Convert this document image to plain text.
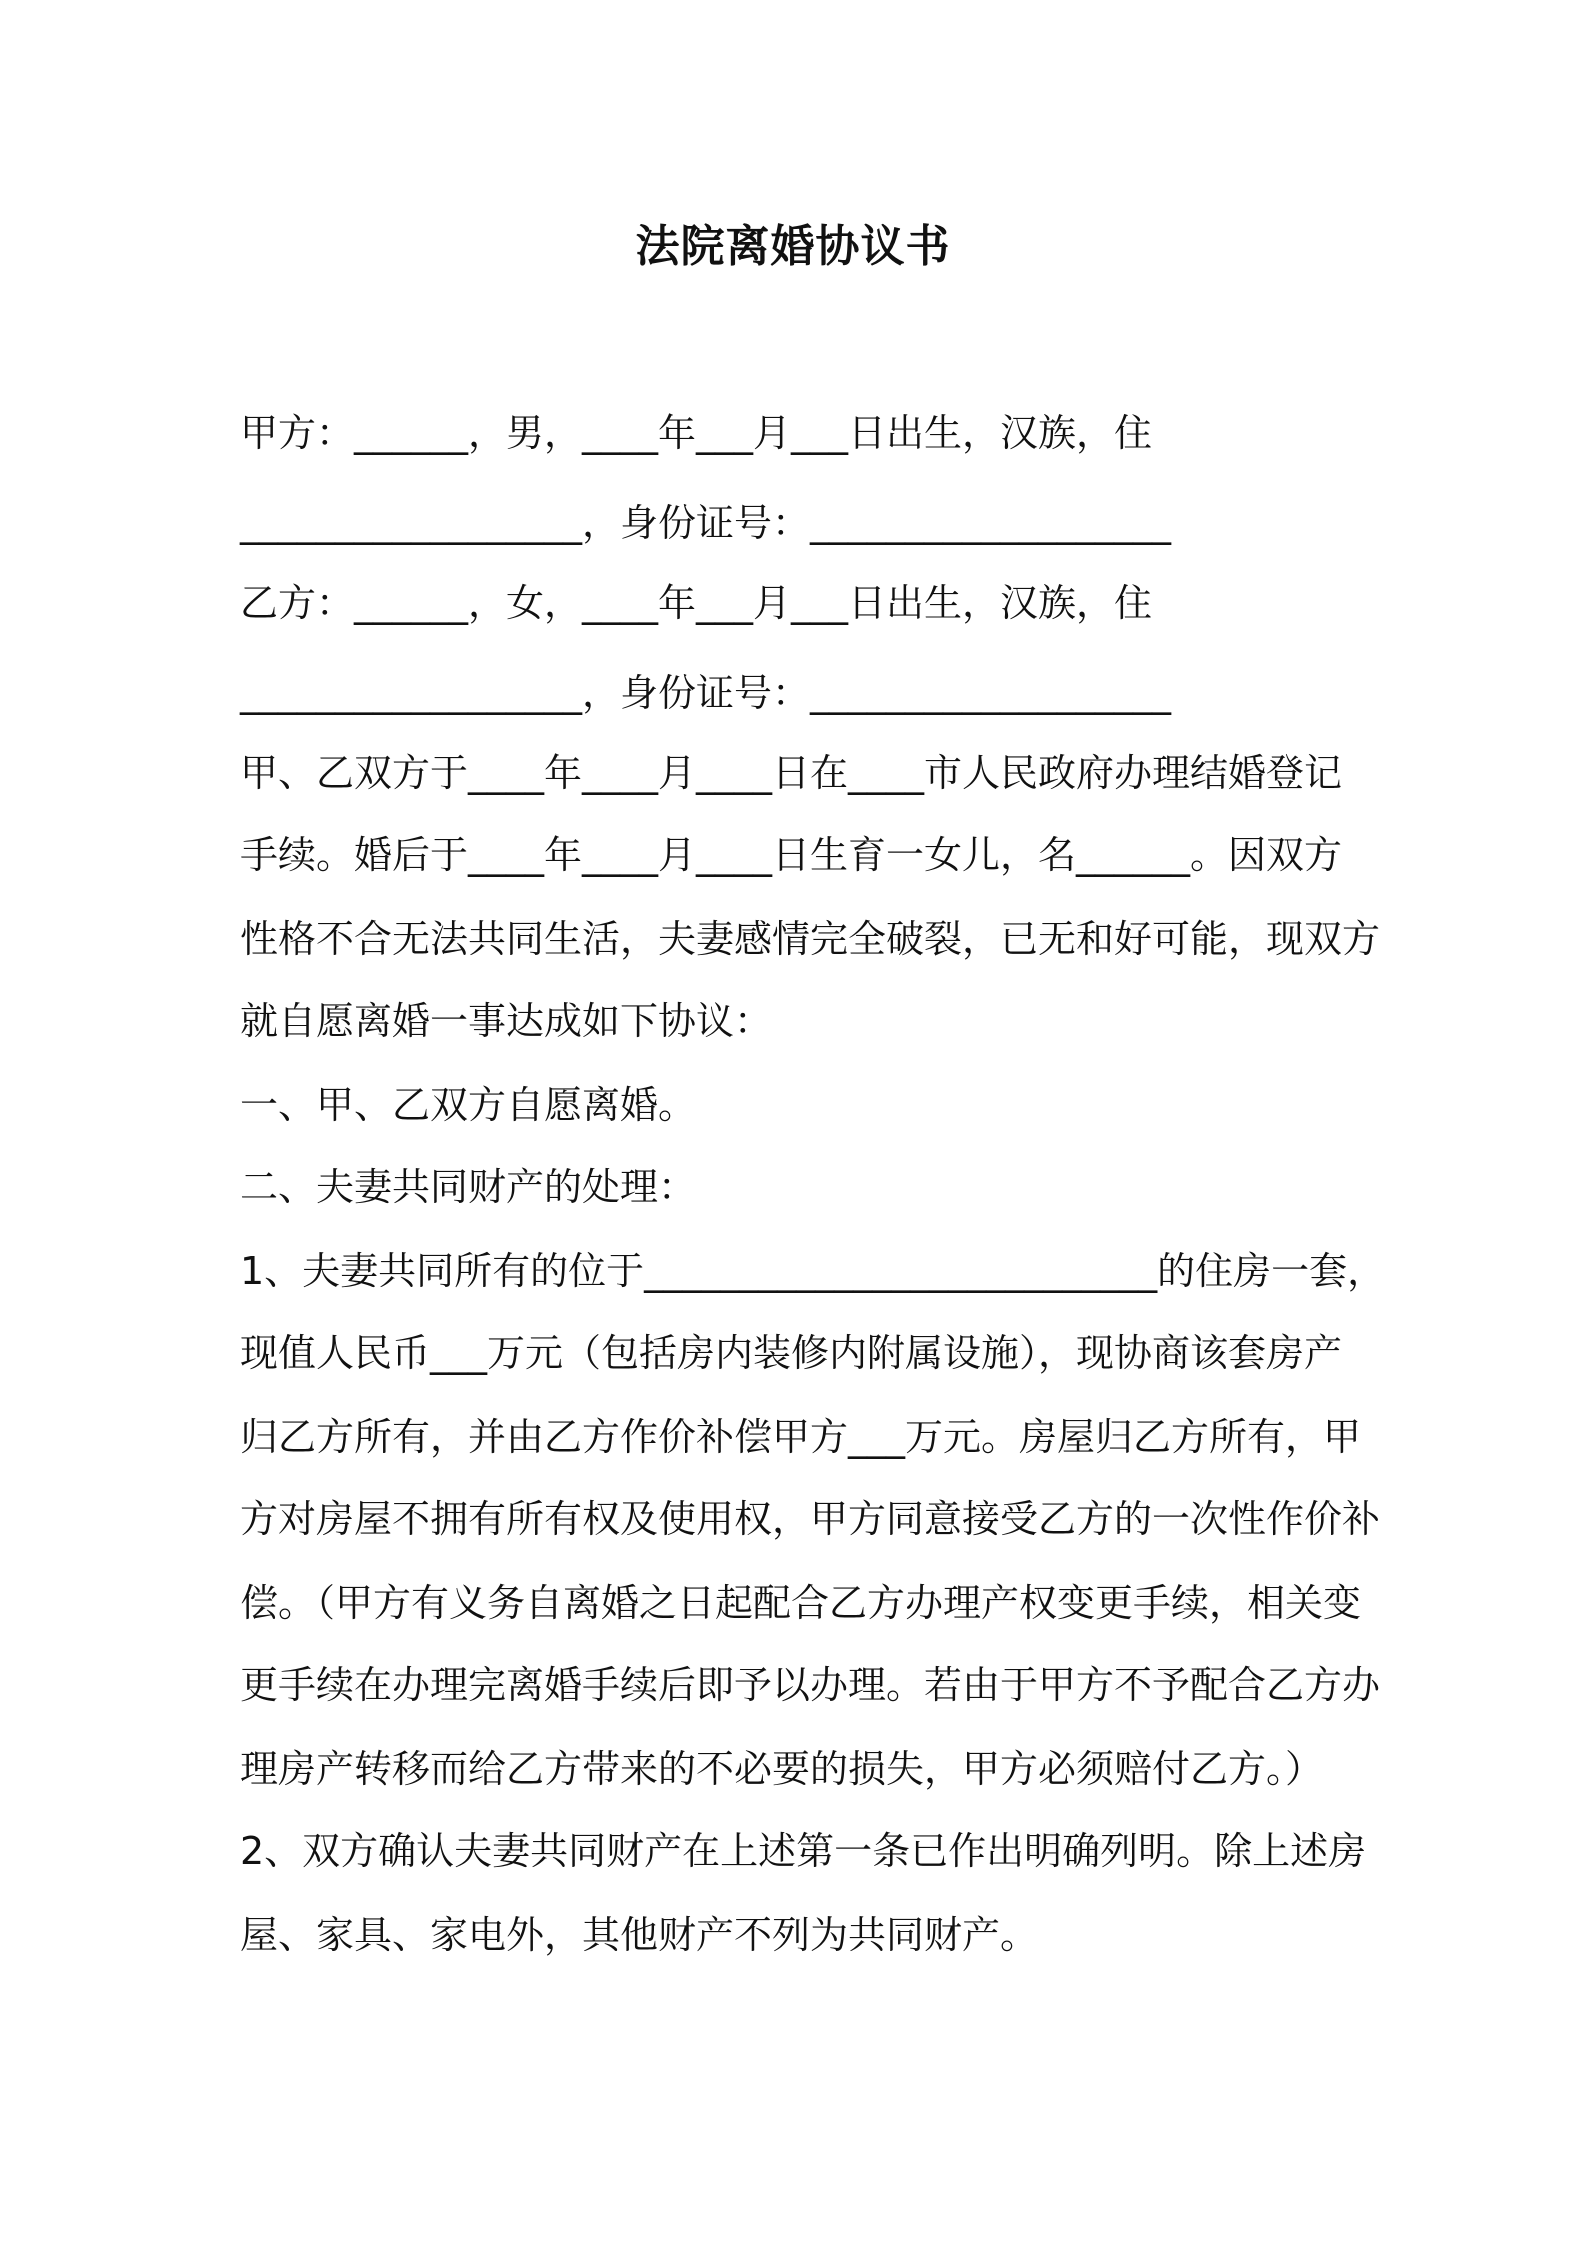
法院离婚协议书
甲方：______，男，____年___月___日出生，汉族，住
__________________，身份证号：___________________
乙方：______，女，____年___月___日出生，汉族，住
__________________，身份证号：___________________
甲、乙双方于____年____月____日在____市人民政府办理结婚登记
手续。婚后于____年____月____日生育一女儿，名______。因双方
性格不合无法共同生活，夫妻感情完全破裂，已无和好可能，现双方
就自愿离婚一事达成如下协议：
一、甲、乙双方自愿离婚。
二、夫妻共同财产的处理：
1、夫妻共同所有的位于___________________________的住房一套，
现值人民币___万元（包括房内装修内附属设施），现协商该套房产
归乙方所有，并由乙方作价补偿甲方___万元。房屋归乙方所有，甲
方对房屋不拥有所有权及使用权，甲方同意接受乙方的一次性作价补
偿。（甲方有义务自离婚之日起配合乙方办理产权变更手续，相关变
更手续在办理完离婚手续后即予以办理。若由于甲方不予配合乙方办
理房产转移而给乙方带来的不必要的损失，甲方必须赔付乙方。）
2、双方确认夫妻共同财产在上述第一条已作出明确列明。除上述房
屋、家具、家电外，其他财产不列为共同财产。
